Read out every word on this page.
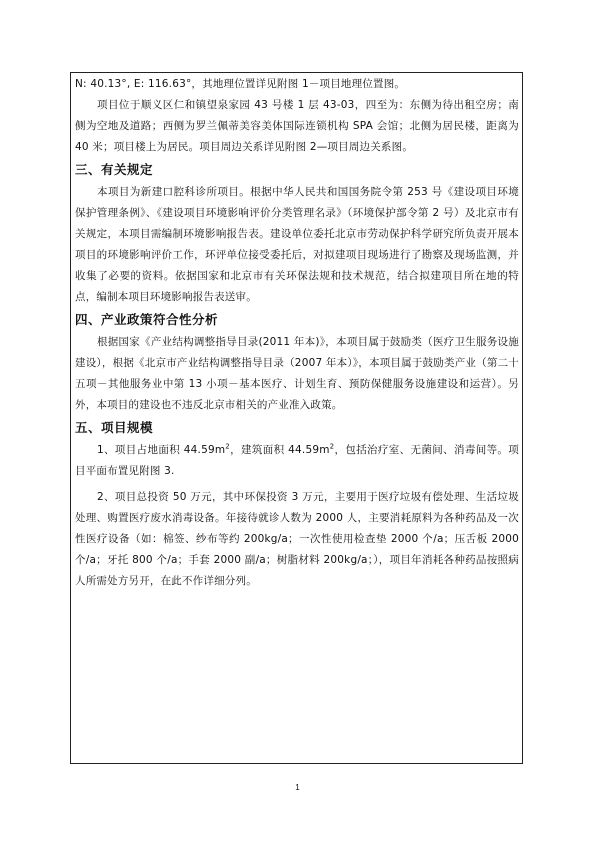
N: 40.13°, E: 116.63°，其地理位置详见附图 1－项目地理位置图。

项目位于顺义区仁和镇望泉家园 43 号楼 1 层 43-03，四至为：东侧为待出租空房；南侧为空地及道路；西侧为罗兰佩蒂美容美体国际连锁机构 SPA 会馆；北侧为居民楼，距离为 40 米；项目楼上为居民。项目周边关系详见附图 2—项目周边关系图。

三、有关规定

本项目为新建口腔科诊所项目。根据中华人民共和国国务院令第 253 号《建设项目环境保护管理条例》、《建设项目环境影响评价分类管理名录》（环境保护部令第 2 号）及北京市有关规定，本项目需编制环境影响报告表。建设单位委托北京市劳动保护科学研究所负责开展本项目的环境影响评价工作，环评单位接受委托后，对拟建项目现场进行了勘察及现场监测，并收集了必要的资料。依据国家和北京市有关环保法规和技术规范，结合拟建项目所在地的特点，编制本项目环境影响报告表送审。

四、产业政策符合性分析

根据国家《产业结构调整指导目录(2011 年本)》，本项目属于鼓励类（医疗卫生服务设施建设），根据《北京市产业结构调整指导目录（2007 年本）》，本项目属于鼓励类产业（第二十五项－其他服务业中第 13 小项－基本医疗、计划生育、预防保健服务设施建设和运营）。另外，本项目的建设也不违反北京市相关的产业准入政策。

五、项目规模

1、项目占地面积 $44.59m^2$，建筑面积 $44.59m^2$，包括治疗室、无菌间、消毒间等。项目平面布置见附图 3.

2、项目总投资 50 万元，其中环保投资 3 万元，主要用于医疗垃圾有偿处理、生活垃圾处理、购置医疗废水消毒设备。年接待就诊人数为 2000 人，主要消耗原料为各种药品及一次性医疗设备（如：棉签、纱布等约 200kg/a；一次性使用检查垫 2000 个/a；压舌板 2000 个/a；牙托 800 个/a；手套 2000 副/a；树脂材料 200kg/a；），项目年消耗各种药品按照病人所需处方另开，在此不作详细分列。

1
